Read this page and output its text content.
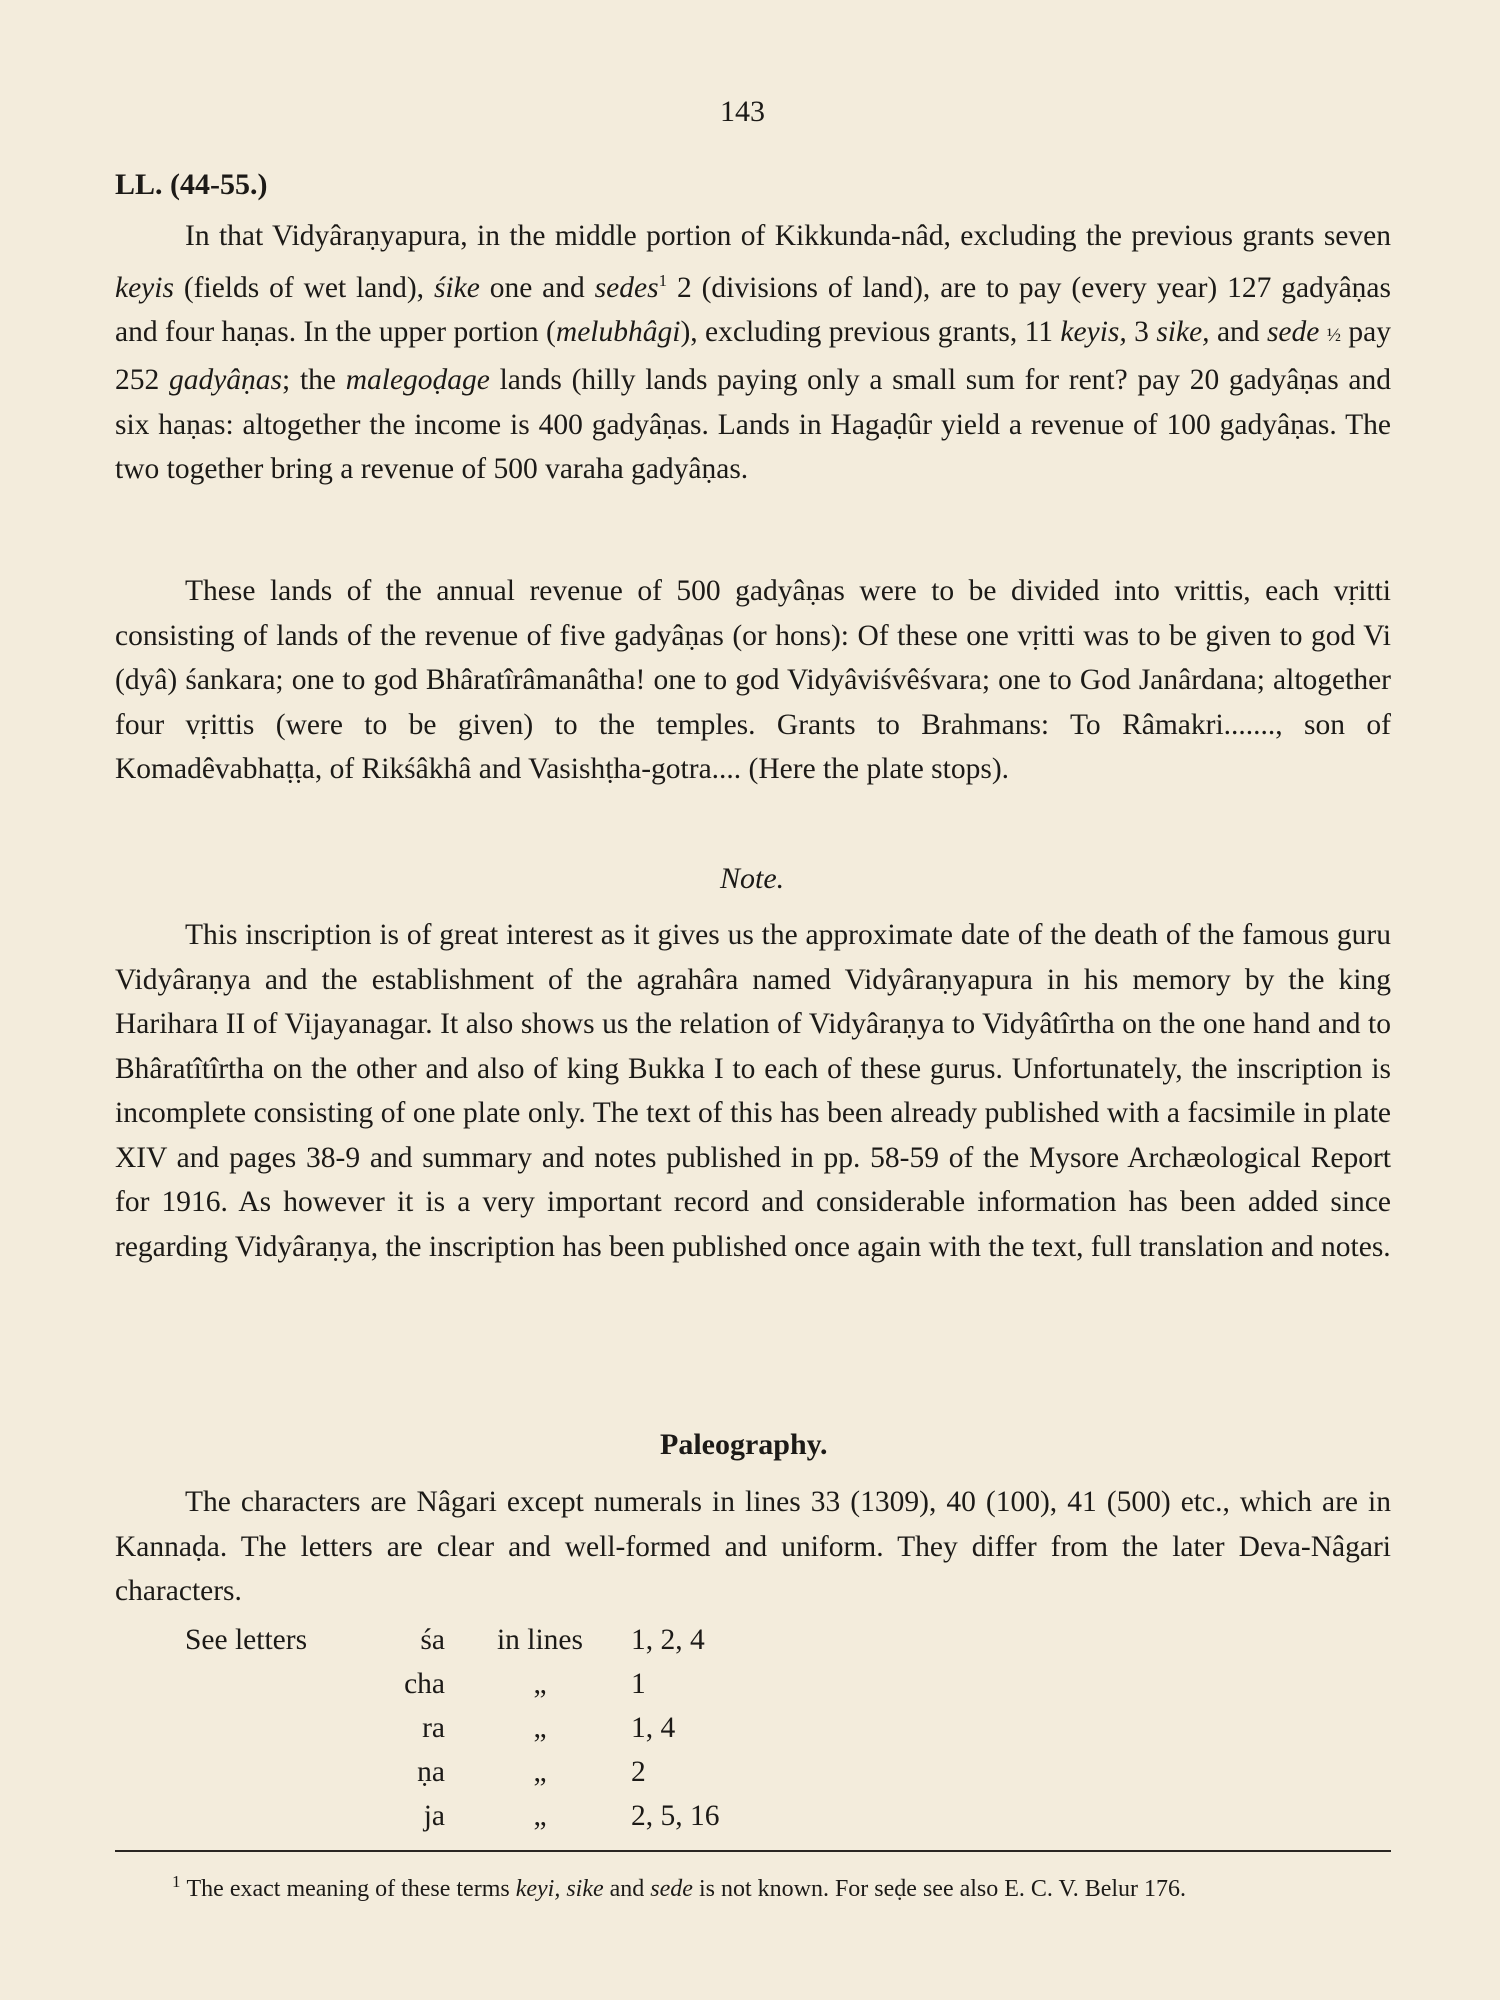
143
LL. (44-55.)

In that Vidyâraṇyapura, in the middle portion of Kikkunda-nâd, excluding the previous grants seven keyis (fields of wet land), śike one and sedes$^1$ 2 (divisions of land), are to pay (every year) 127 gadyâṇas and four haṇas. In the upper portion (melubhâgi), excluding previous grants, 11 keyis, 3 sike, and sede ½ pay 252 gadyâṇas; the malegoḍage lands (hilly lands paying only a small sum for rent? pay 20 gadyâṇas and six haṇas: altogether the income is 400 gadyâṇas. Lands in Hagaḍûr yield a revenue of 100 gadyâṇas. The two together bring a revenue of 500 varaha gadyâṇas.

These lands of the annual revenue of 500 gadyâṇas were to be divided into vrittis, each vṛitti consisting of lands of the revenue of five gadyâṇas (or hons): Of these one vṛitti was to be given to god Vi (dyâ) śankara; one to god Bhâratîrâmanâtha! one to god Vidyâviśvêśvara; one to God Janârdana; altogether four vṛittis (were to be given) to the temples. Grants to Brahmans: To Râmakri......., son of Komadêvabhaṭṭa, of Rikśâkhâ and Vasishṭha-gotra.... (Here the plate stops).

Note.

This inscription is of great interest as it gives us the approximate date of the death of the famous guru Vidyâraṇya and the establishment of the agrahâra named Vidyâraṇyapura in his memory by the king Harihara II of Vijayanagar. It also shows us the relation of Vidyâraṇya to Vidyâtîrtha on the one hand and to Bhâratîtîrtha on the other and also of king Bukka I to each of these gurus. Unfortunately, the inscription is incomplete consisting of one plate only. The text of this has been already published with a facsimile in plate XIV and pages 38-9 and summary and notes published in pp. 58-59 of the Mysore Archæological Report for 1916. As however it is a very important record and considerable information has been added since regarding Vidyâraṇya, the inscription has been published once again with the text, full translation and notes.

Paleography.

The characters are Nâgari except numerals in lines 33 (1309), 40 (100), 41 (500) etc., which are in Kannaḍa. The letters are clear and well-formed and uniform. They differ from the later Deva-Nâgari characters.

See letters	śa	in lines	1, 2, 4
cha	„	1
ra	„	1, 4
ṇa	„	2
ja	„	2, 5, 16

$^1$ The exact meaning of these terms keyi, sike and sede is not known. For seḍe see also E. C. V. Belur 176.
